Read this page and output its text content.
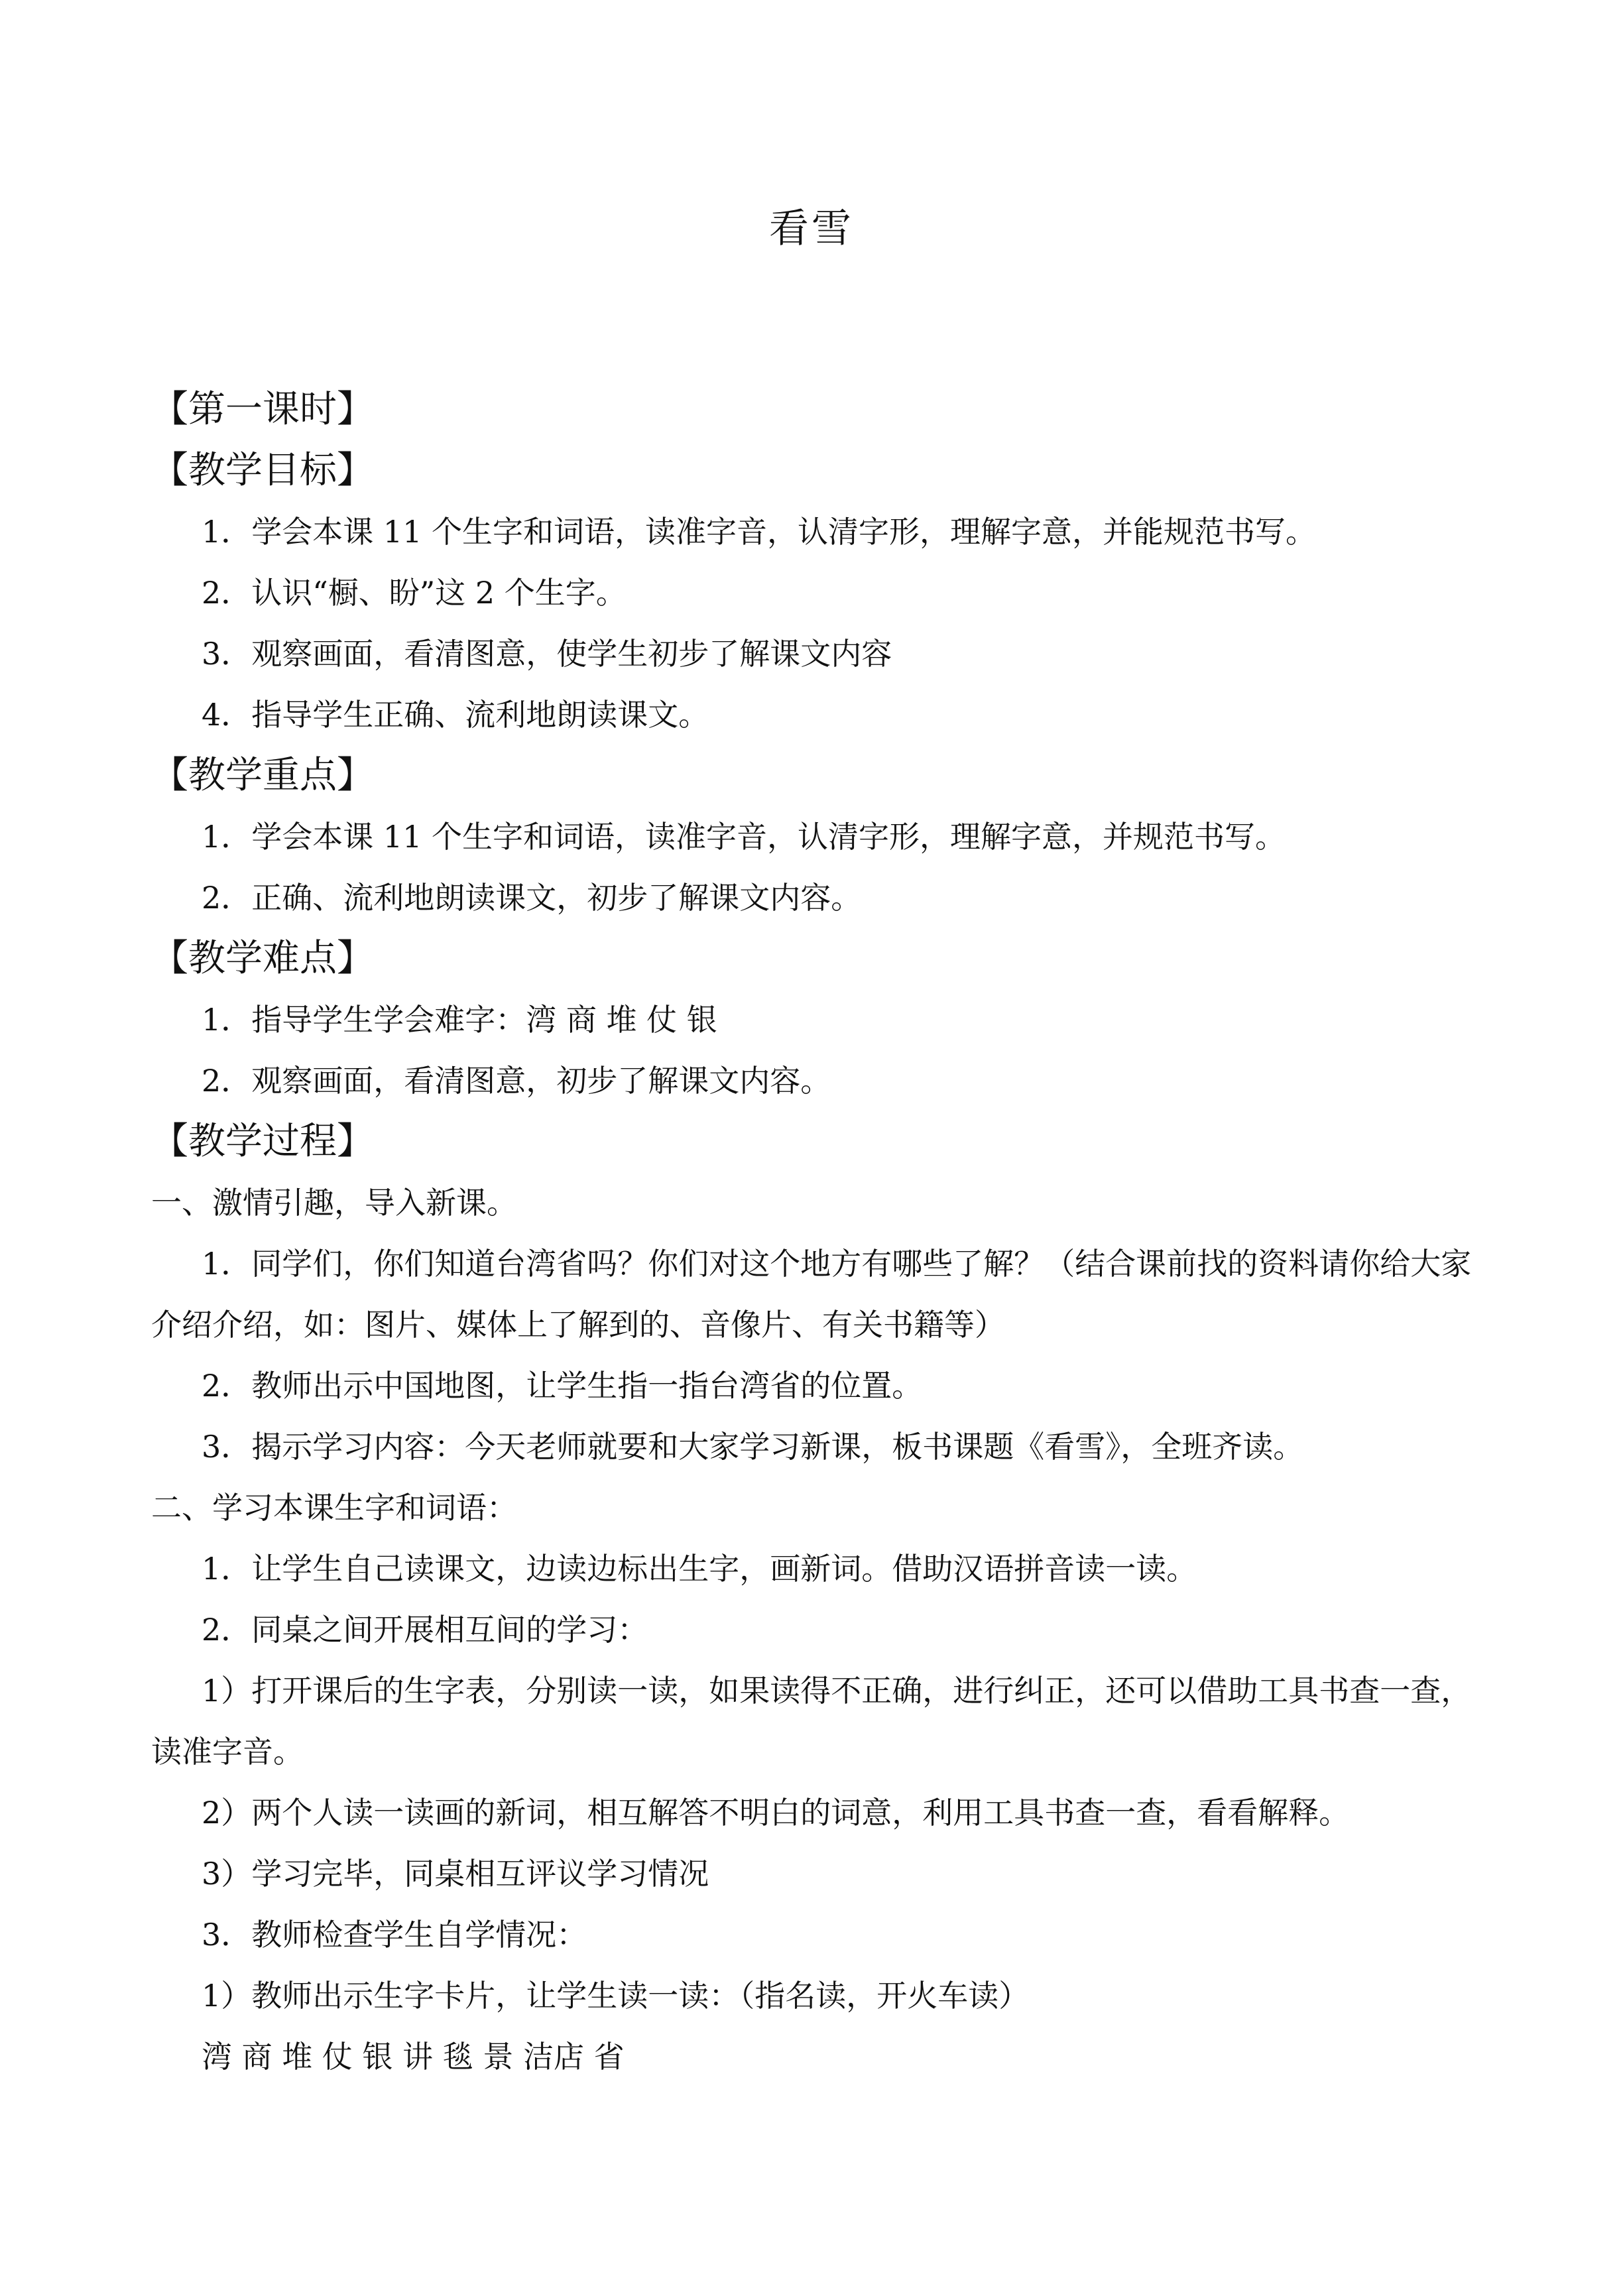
看雪

【第一课时】

【教学目标】

1．学会本课 11 个生字和词语，读准字音，认清字形，理解字意，并能规范书写。

2．认识“橱、盼”这 2 个生字。

3．观察画面，看清图意，使学生初步了解课文内容

4．指导学生正确、流利地朗读课文。

【教学重点】

1．学会本课 11 个生字和词语，读准字音，认清字形，理解字意，并规范书写。

2．正确、流利地朗读课文，初步了解课文内容。

【教学难点】

1．指导学生学会难字：湾 商 堆 仗 银

2．观察画面，看清图意，初步了解课文内容。

【教学过程】

一、激情引趣，导入新课。

1．同学们，你们知道台湾省吗？你们对这个地方有哪些了解？（结合课前找的资料请你给大家介绍介绍，如：图片、媒体上了解到的、音像片、有关书籍等）

2．教师出示中国地图，让学生指一指台湾省的位置。

3．揭示学习内容：今天老师就要和大家学习新课，板书课题《看雪》，全班齐读。

二、学习本课生字和词语：

1．让学生自己读课文，边读边标出生字，画新词。借助汉语拼音读一读。

2．同桌之间开展相互间的学习：

1）打开课后的生字表，分别读一读，如果读得不正确，进行纠正，还可以借助工具书查一查，读准字音。

2）两个人读一读画的新词，相互解答不明白的词意，利用工具书查一查，看看解释。

3）学习完毕，同桌相互评议学习情况

3．教师检查学生自学情况：

1）教师出示生字卡片，让学生读一读：（指名读，开火车读）

湾 商 堆 仗 银 讲 毯 景 洁店 省
